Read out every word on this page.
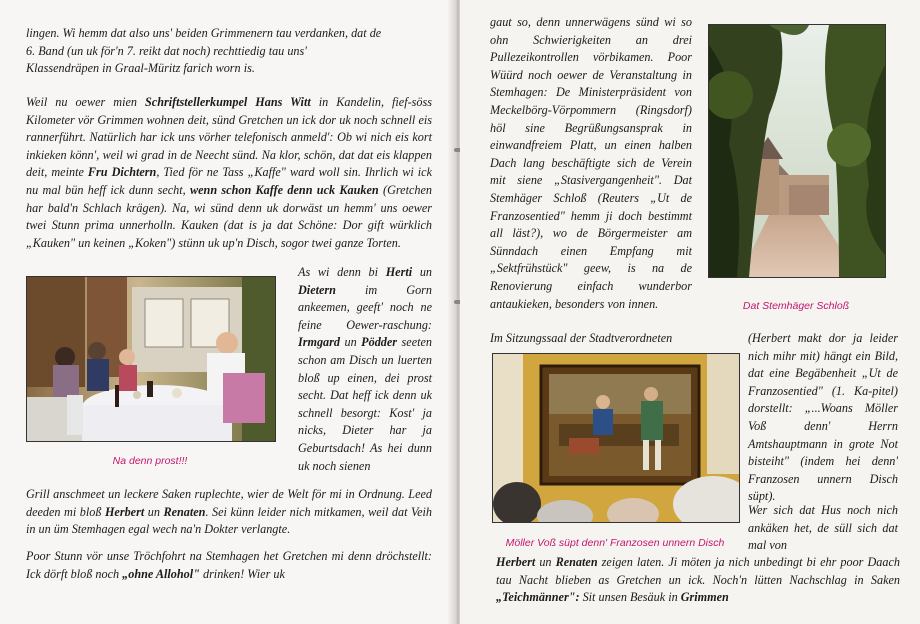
lingen. Wi hemm dat also uns' beiden Grimmenern tau verdanken, dat de
6. Band (un uk för'n 7. reikt dat noch) rechttiedig tau uns'
Klassendräpen in Graal-Müritz farich worn is.

Weil nu oewer mien Schriftstellerkumpel Hans Witt in Kandelin, fief-söss Kilometer vör Grimmen wohnen deit, sünd Gretchen un ick dor uk noch schnell eis rannerführt. Natürlich har ick uns vörher telefonisch anmeld': Ob wi nich eis kort inkieken könn', weil wi grad in de Neecht sünd. Na klor, schön, dat dat eis klappen deit, meinte Fru Dichtern, Tied för ne Tass „Kaffe" ward woll sin. Ihrlich wi ick nu mal bün heff ick dunn secht, wenn schon Kaffe denn uck Kauken (Gretchen har bald'n Schlach krägen). Na, wi sünd denn uk dorwäst un hemm' uns oewer twei Stunn prima unnerholln. Kauken (dat is ja dat Schöne: Dor gift würklich „Kauken" un keinen „Koken") stünn uk up'n Disch, sogor twei ganze Torten.

Na denn prost!!!

As wi denn bi Herti un Dietern im Gorn ankeemen, geeft' noch ne feine Oewer-raschung: Irmgard un Pödder seeten schon am Disch un luerten bloß up einen, dei prost secht. Dat heff ick denn uk schnell besorgt: Kost' ja nicks, Dieter har ja Geburtsdach! As hei dunn uk noch sienen

Grill anschmeet un leckere Saken ruplechte, wier de Welt för mi in Ordnung. Leed deeden mi bloß Herbert un Renaten. Sei künn leider nich mitkamen, weil dat Veih in un üm Stemhagen egal wech na'n Dokter verlangte.

Poor Stunn vör unse Tröchfohrt na Stemhagen het Gretchen mi denn dröchstellt: Ick dörft bloß noch „ohne Allohol" drinken! Wier uk

gaut so, denn unnerwägens sünd wi so ohn Schwierigkeiten an drei Pullezeikontrollen vörbikamen. Poor Wüürd noch oewer de Veranstaltung in Stemhagen: De Ministerpräsident von Meckelbörg-Vörpommern (Ringsdorf) höl sine Begrüßungsansprak in einwandfreiem Platt, un einen halben Dach lang beschäftigte sich de Verein mit siene „Stasivergangenheit". Dat Stemhäger Schloß (Reuters „Ut de Franzosentied" hemm ji doch bestimmt all läst?), wo de Börgermeister am Sünndach einen Empfang mit „Sektfrühstück" geew, is na de Renovierung einfach wunderbor antaukieken, besonders von innen.	Dat Stemhäger Schloß

Im Sitzungssaal der Stadtverordneten

Möller Voß süpt denn' Franzosen unnern Disch

(Herbert makt dor ja leider nich mihr mit) hängt ein Bild, dat eine Begäbenheit „Ut de Franzosentied" (1. Ka-pitel) dorstellt: „...Woans Möller Voß denn' Herrn Amtshauptmann in grote Not bisteiht" (indem hei denn' Franzosen unnern Disch süpt).

Wer sich dat Hus noch nich ankäken het, de süll sich dat mal von

Herbert un Renaten zeigen laten. Ji möten ja nich unbedingt bi ehr poor Daach tau Nacht blieben as Gretchen un ick. Noch'n lütten Nachschlag in Saken „Teichmänner": Sit unsen Besäuk in Grimmen
